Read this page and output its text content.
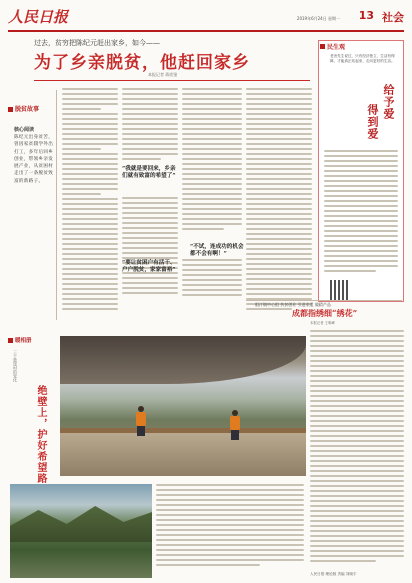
人民日报	2019年6月24日 星期一 13 社会
过去，贫穷把陈纪元赶出家乡，如今——
为了乡亲脱贫，他赶回家乡
本报记者 蒋欣鉴
脱贫故事
核心阅读
陈纪元出身贫苦，曾因家贫辍学外出打工，多年后回乡创业，带领乡亲发展产业，从贫困村走出了一条脱贫致富的新路子。
“我就是要回来，乡亲们就有致富的希望了”
“要让贫困户有活干、户户脱贫，家家富裕”
“不试，连成功的机会都不会有啊！”
民生观
老舍先生说过，只有经济独立、生活有保障，才能真正站起来，走向更好的生活。
给予爱
得到爱
阻汀镇中心组 扶贫创业 引进非遗 做精产品
成都指绣细“绣花”
本报记者 王明峰
暖相册
三个悬崖村的变化
绝壁上，护好希望路
人民日报·理论版 责编 刘晓宇
